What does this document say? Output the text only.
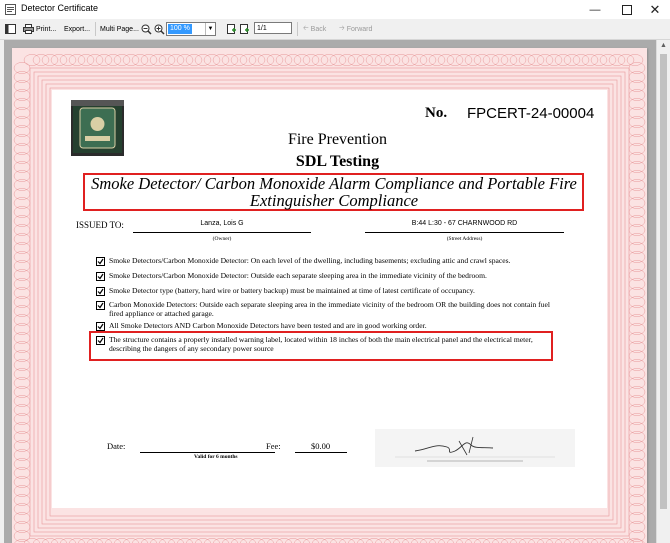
Detector Certificate	—	✕
Print... Export... Multi Page...	100 %	▼	1/1	🡠 Back 🡢 Forward
No. FPCERT-24-00004
Fire Prevention
SDL Testing
Smoke Detector/ Carbon Monoxide Alarm Compliance and Portable Fire Extinguisher Compliance
ISSUED TO:	Lanza, Lois G
(Owner)
B:44 L:30 - 67 CHARNWOOD RD
(Street Address)
Smoke Detectors/Carbon Monoxide Detector: On each level of the dwelling, including basements; excluding attic and crawl spaces.
Smoke Detectors/Carbon Monoxide Detector: Outside each separate sleeping area in the immediate vicinity of the bedroom.
Smoke Detector type (battery, hard wire or battery backup) must be maintained at time of latest certificate of occupancy.
Carbon Monoxide Detectors: Outside each separate sleeping area in the immediate vicinity of the bedroom OR the building does not contain fuel fired appliance or attached garage.
All Smoke Detectors AND Carbon Monoxide Detectors have been tested and are in good working order.
The structure contains a properly installed warning label, located within 18 inches of both the main electrical panel and the electrical meter, describing the dangers of any secondary power source
Date:
Valid for 6 months
Fee:	$0.00
▲
